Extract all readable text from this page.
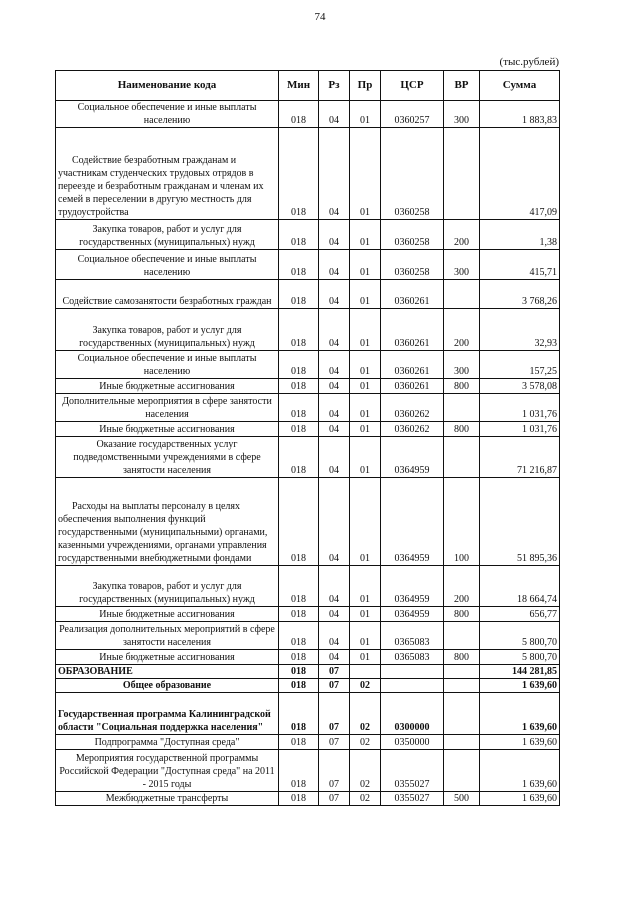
74
(тыс.рублей)
Наименование кода	Мин	Рз	Пр	ЦСР	ВР	Сумма
Социальное обеспечение и иные выплаты населению	018	04	01	0360257	300	1 883,83
Содействие безработным гражданам и участникам студенческих трудовых отрядов в переезде и безработным гражданам и членам их семей в переселении в другую местность для трудоустройства	018	04	01	0360258		417,09
Закупка товаров, работ и услуг для государственных (муниципальных) нужд	018	04	01	0360258	200	1,38
Социальное обеспечение и иные выплаты населению	018	04	01	0360258	300	415,71
Содействие самозанятости безработных граждан	018	04	01	0360261		3 768,26
Закупка товаров, работ и услуг для государственных (муниципальных) нужд	018	04	01	0360261	200	32,93
Социальное обеспечение и иные выплаты населению	018	04	01	0360261	300	157,25
Иные бюджетные ассигнования	018	04	01	0360261	800	3 578,08
Дополнительные мероприятия в сфере занятости населения	018	04	01	0360262		1 031,76
Иные бюджетные ассигнования	018	04	01	0360262	800	1 031,76
Оказание государственных услуг подведомственными учреждениями в сфере занятости населения	018	04	01	0364959		71 216,87
Расходы на выплаты персоналу в целях обеспечения выполнения функций государственными (муниципальными) органами, казенными учреждениями, органами управления государственными внебюджетными фондами	018	04	01	0364959	100	51 895,36
Закупка товаров, работ и услуг для государственных (муниципальных) нужд	018	04	01	0364959	200	18 664,74
Иные бюджетные ассигнования	018	04	01	0364959	800	656,77
Реализация дополнительных мероприятий в сфере занятости населения	018	04	01	0365083		5 800,70
Иные бюджетные ассигнования	018	04	01	0365083	800	5 800,70
ОБРАЗОВАНИЕ	018	07				144 281,85
Общее образование	018	07	02			1 639,60
Государственная программа Калининградской области "Социальная поддержка населения"	018	07	02	0300000		1 639,60
Подпрограмма "Доступная среда"	018	07	02	0350000		1 639,60
Мероприятия государственной программы Российской Федерации "Доступная среда" на 2011 - 2015 годы	018	07	02	0355027		1 639,60
Межбюджетные трансферты	018	07	02	0355027	500	1 639,60
